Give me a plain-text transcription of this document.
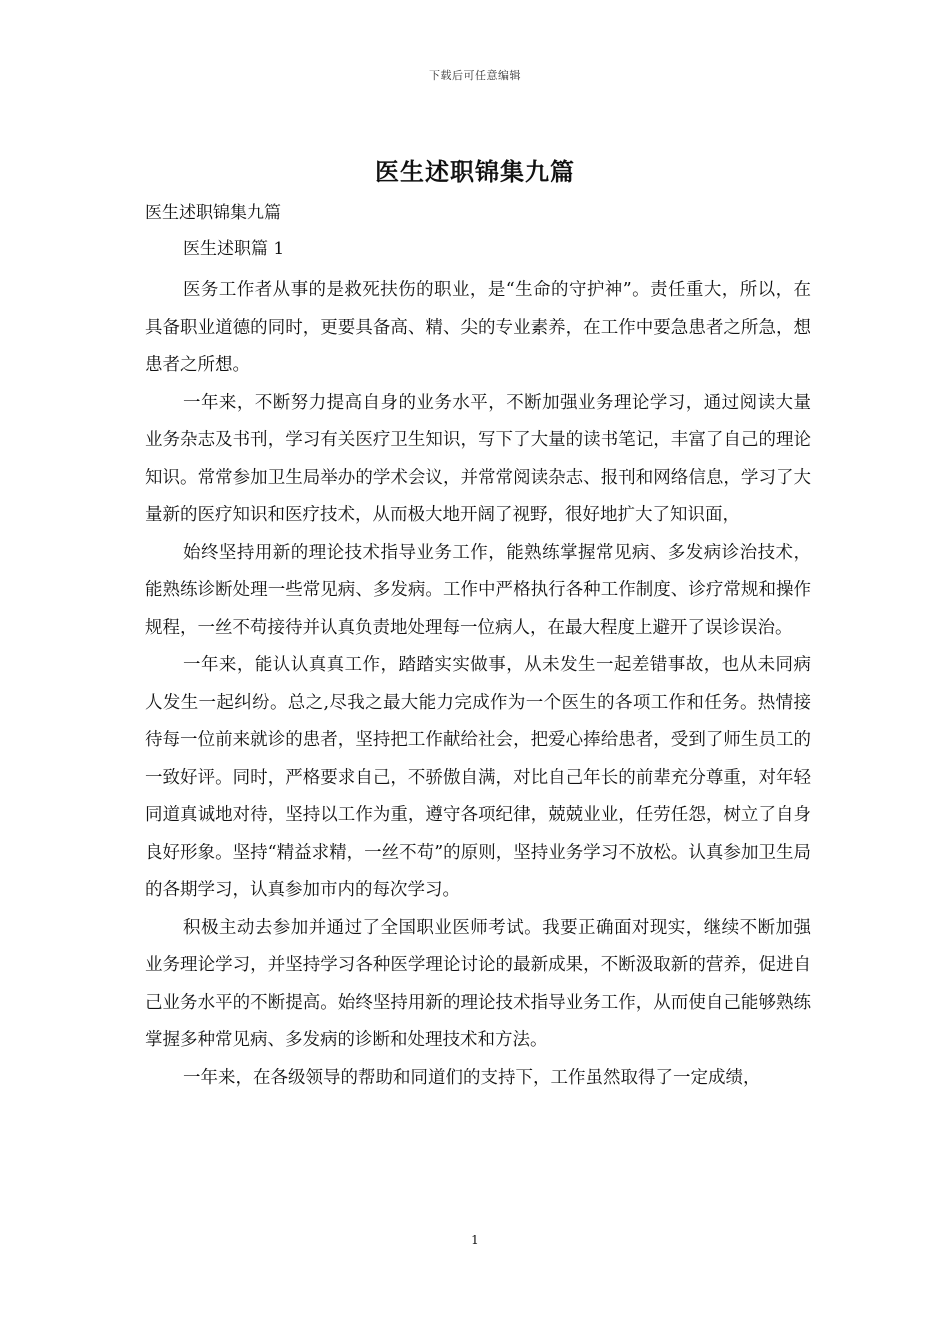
下载后可任意编辑
医生述职锦集九篇

医生述职锦集九篇

医生述职篇 1

医务工作者从事的是救死扶伤的职业，是“生命的守护神”。责任重大，所以，在具备职业道德的同时，更要具备高、精、尖的专业素养，在工作中要急患者之所急，想患者之所想。

一年来，不断努力提高自身的业务水平，不断加强业务理论学习，通过阅读大量业务杂志及书刊，学习有关医疗卫生知识，写下了大量的读书笔记，丰富了自己的理论知识。常常参加卫生局举办的学术会议，并常常阅读杂志、报刊和网络信息，学习了大量新的医疗知识和医疗技术，从而极大地开阔了视野，很好地扩大了知识面，

始终坚持用新的理论技术指导业务工作，能熟练掌握常见病、多发病诊治技术，能熟练诊断处理一些常见病、多发病。工作中严格执行各种工作制度、诊疗常规和操作规程，一丝不苟接待并认真负责地处理每一位病人，在最大程度上避开了误诊误治。

一年来，能认认真真工作，踏踏实实做事，从未发生一起差错事故，也从未同病人发生一起纠纷。总之,尽我之最大能力完成作为一个医生的各项工作和任务。热情接待每一位前来就诊的患者，坚持把工作献给社会，把爱心捧给患者，受到了师生员工的一致好评。同时，严格要求自己，不骄傲自满，对比自己年长的前辈充分尊重，对年轻同道真诚地对待，坚持以工作为重，遵守各项纪律，兢兢业业，任劳任怨，树立了自身良好形象。坚持“精益求精，一丝不苟”的原则，坚持业务学习不放松。认真参加卫生局的各期学习，认真参加市内的每次学习。

积极主动去参加并通过了全国职业医师考试。我要正确面对现实，继续不断加强业务理论学习，并坚持学习各种医学理论讨论的最新成果，不断汲取新的营养，促进自己业务水平的不断提高。始终坚持用新的理论技术指导业务工作，从而使自己能够熟练掌握多种常见病、多发病的诊断和处理技术和方法。

一年来，在各级领导的帮助和同道们的支持下，工作虽然取得了一定成绩，

1
